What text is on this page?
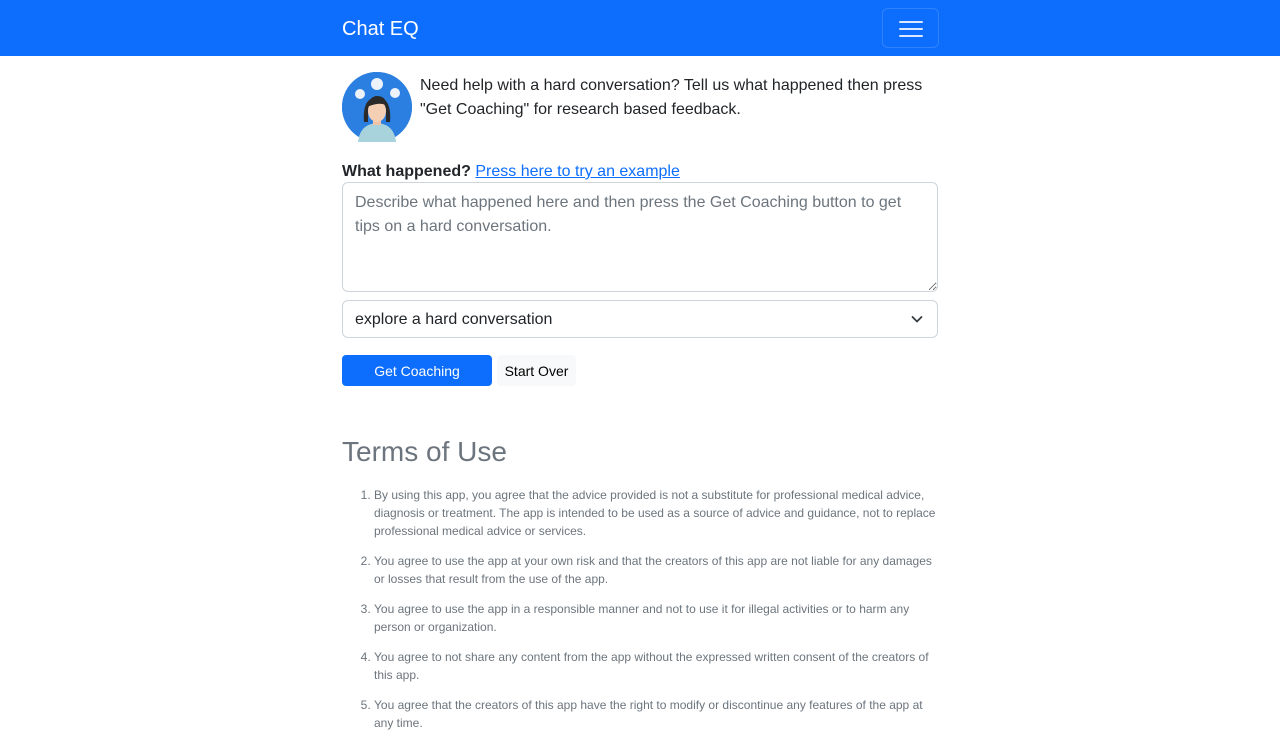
Chat EQ

Need help with a hard conversation? Tell us what happened then press "Get Coaching" for research based feedback.

What happened? Press here to try an example
Describe what happened here and then press the Get Coaching button to get tips on a hard conversation.
explore a hard conversation
Get Coaching	Start Over
Terms of Use
1. By using this app, you agree that the advice provided is not a substitute for professional medical advice, diagnosis or treatment. The app is intended to be used as a source of advice and guidance, not to replace professional medical advice or services.
2. You agree to use the app at your own risk and that the creators of this app are not liable for any damages or losses that result from the use of the app.
3. You agree to use the app in a responsible manner and not to use it for illegal activities or to harm any person or organization.
4. You agree to not share any content from the app without the expressed written consent of the creators of this app.
5. You agree that the creators of this app have the right to modify or discontinue any features of the app at any time.
